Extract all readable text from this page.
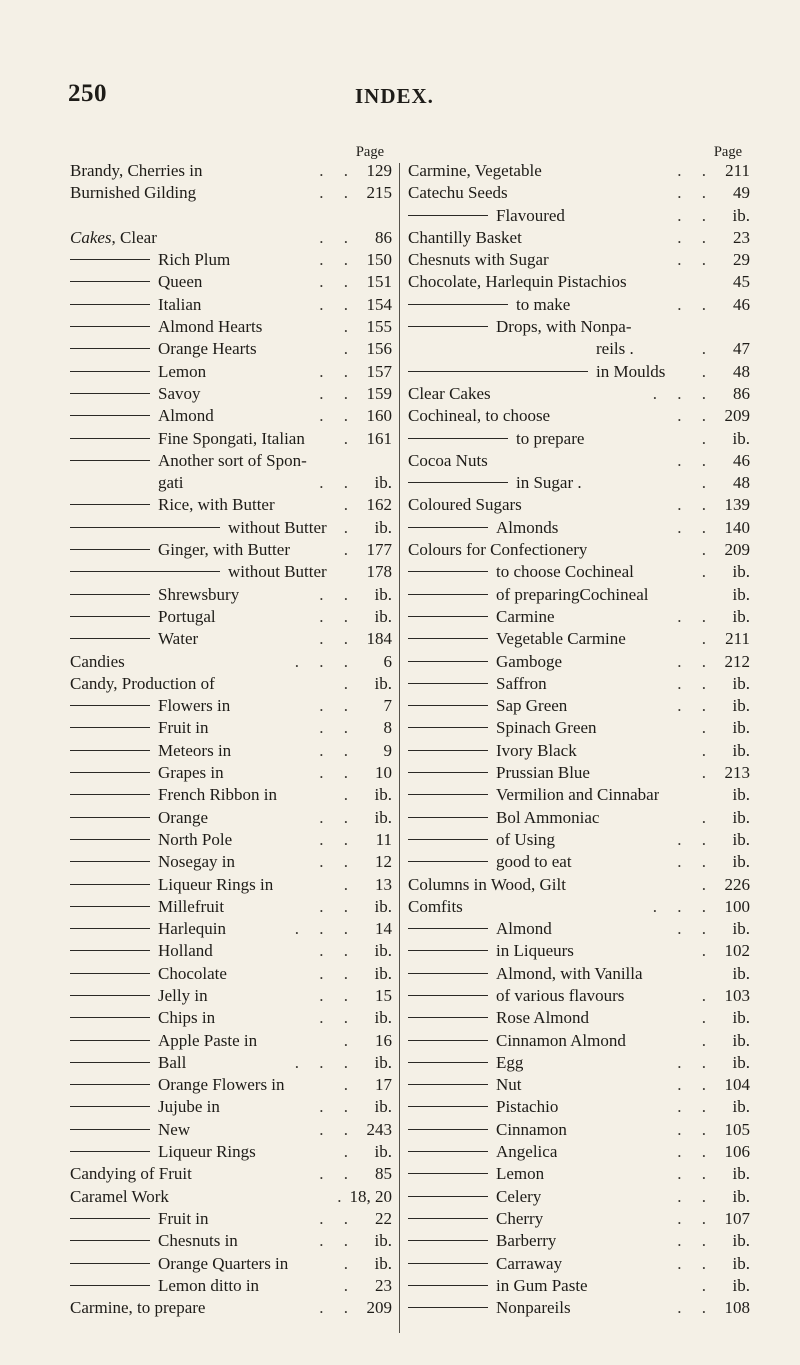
250	INDEX.
Page
Brandy, Cherries in	. . 129
Burnished Gilding	. . 215
Cakes, Clear	. .	86
Rich Plum	. . 150
Queen	. . 151
Italian	. . 154
Almond Hearts	. 155
Orange Hearts	. 156
Lemon	. . 157
Savoy	. . 159
Almond	. . 160
Fine Spongati, Italian	. 161
Another sort of Spon-
gati	. .	ib.
Rice, with Butter	. 162
without Butter	.	ib.
Ginger, with Butter	. 177
without Butter	178
Shrewsbury	. .	ib.
Portugal	. .	ib.
Water	. . 184
Candies	. . .	6
Candy, Production of	.	ib.
Flowers in	. .	7
Fruit in	. .	8
Meteors in	. .	9
Grapes in	. .	10
French Ribbon in	.	ib.
Orange	. .	ib.
North Pole	. .	11
Nosegay in	. .	12
Liqueur Rings in	.	13
Millefruit	. .	ib.
Harlequin	. . .	14
Holland	. .	ib.
Chocolate	. .	ib.
Jelly in	. .	15
Chips in	. .	ib.
Apple Paste in	.	16
Ball	. . .	ib.
Orange Flowers in	.	17
Jujube in	. .	ib.
New	. . 243
Liqueur Rings	.	ib.
Candying of Fruit	. .	85
Caramel Work	. 18, 20
Fruit in	. .	22
Chesnuts in	. .	ib.
Orange Quarters in	.	ib.
Lemon ditto in	.	23
Carmine, to prepare	. . 209
Page
Carmine, Vegetable	. . 211
Catechu Seeds	. .	49
Flavoured	. .	ib.
Chantilly Basket	. .	23
Chesnuts with Sugar	. .	29
Chocolate, Harlequin Pistachios	45
to make	. .	46
Drops, with Nonpa-
reils .	.	47
in Moulds	.	48
Clear Cakes	. . .	86
Cochineal, to choose	. . 209
to prepare	.	ib.
Cocoa Nuts	. .	46
in Sugar .	.	48
Coloured Sugars	. . 139
Almonds	. . 140
Colours for Confectionery	. 209
to choose Cochineal	.	ib.
of preparingCochineal	ib.
Carmine	. .	ib.
Vegetable Carmine	. 211
Gamboge	. . 212
Saffron	. .	ib.
Sap Green	. .	ib.
Spinach Green	.	ib.
Ivory Black	.	ib.
Prussian Blue	. 213
Vermilion and Cinnabar	ib.
Bol Ammoniac	.	ib.
of Using	. .	ib.
good to eat	. .	ib.
Columns in Wood, Gilt	. 226
Comfits	. . . 100
Almond	. .	ib.
in Liqueurs	. 102
Almond, with Vanilla	ib.
of various flavours	. 103
Rose Almond	.	ib.
Cinnamon Almond	.	ib.
Egg	. .	ib.
Nut	. . 104
Pistachio	. .	ib.
Cinnamon	. . 105
Angelica	. . 106
Lemon	. .	ib.
Celery	. .	ib.
Cherry	. . 107
Barberry	. .	ib.
Carraway	. .	ib.
in Gum Paste	.	ib.
Nonpareils	. . 108
